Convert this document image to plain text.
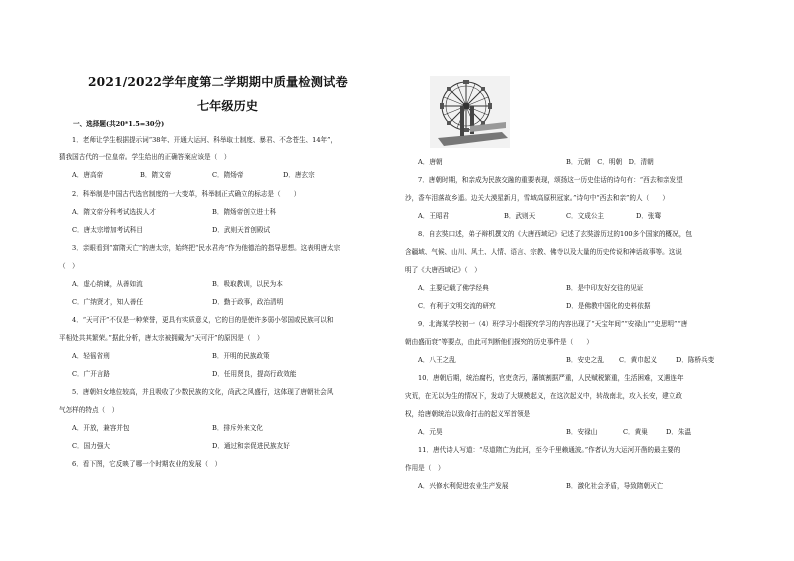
2021/2022学年度第二学期期中质量检测试卷
七年级历史
一、选择题(共20*1.5=30分)
1．老师让学生根据提示词“38年、开通大运河、科举取士制度、暴君、不念苍生、14年”，
猜我国古代的一位皇帝。学生给出的正确答案应该是（　）
A．唐高帝	B．隋文帝	C．隋炀帝	D．唐玄宗
2．科举制是中国古代选官制度的一大变革，科举制正式确立的标志是（　　）
A．隋文帝分科考试选拔人才	B．隋炀帝创立进士科
C．唐太宗增加考试科目	D．武则天首创殿试
3．亲眼看到“富隋天亡”的唐太宗，始终把“民水君舟”作为他德治的指导思想。这表明唐太宗
（　）
A．虚心纳谏，从善如流	B．吸取教训，以民为本
C．广纳贤才，知人善任	D．勤于政事，政治清明
4．“天可汗”不仅是一种荣誉，更具有实质意义，它的目的是使许多弱小邻国或民族可以和
平相处共其繁荣。”据此分析，唐太宗被拥戴为“天可汗”的原因是（　）
A．轻徭省刑	B．开明的民族政策
C．广开言路	D．任用贤良，提高行政效能
5．唐朝妇女地位较高，并且吸收了少数民族的文化，尚武之风盛行，这体现了唐朝社会风
气怎样的特点（　）
A．开放，兼容并包	B．排斥外来文化
C．国力强大	D．通过和亲促进民族友好
6．看下图，它反映了哪一个时期农业的发展（　）
A．唐朝	B．元朝　C．明朝　D．清朝
7．唐朝时期，和亲成为民族交融的重要表现，颂扬这一历史佳话的诗句有：“西去和亲发望
沙，香车泪落故乡遥。边关大漠星新月，雪域高原积冠家。”诗句中“西去和亲”的人（　　）
A．王昭君	B．武则天	C．文成公主	D．张骞
8．自玄奘口述，弟子辩机撰文的《大唐西域记》记述了玄奘游历过的100多个国家的概况，包
含疆域、气候、山川、风土、人情、语言、宗教、佛寺以及大量的历史传说和神话故事等。这说
明了《大唐西域记》（　）
A．主要记载了佛学经典	B．是中印友好交往的见证
C．有利于文明交流的研究	D．是佛教中国化的史料依据
9．北海某学校初一（4）班学习小组探究学习的内容出现了“天宝年间”“安禄山”“史思明”“唐
朝由盛而衰”等要点，由此可判断他们探究的历史事件是（　　）
A．八王之乱	B．安史之乱 C．黄巾起义	D．陈桥兵变
10．唐朝后期，统治腐朽，官吏贪污，藩镇割据严重，人民赋税繁重，生活困难，又遇连年
灾荒，在无以为生的情况下，发动了大规模起义，在这次起义中，转战南北，攻入长安，建立政
权，给唐朝统治以致命打击的起义军首领是
A．元昊	B．安禄山	C．黄巢	D．朱温
11．唐代诗人写道：“尽道隋亡为此河，至今千里赖通波。”作者认为大运河开凿的最主要的
作用是（　）
A．兴修水利促进农业生产发展	B．激化社会矛盾，导致隋朝灭亡
